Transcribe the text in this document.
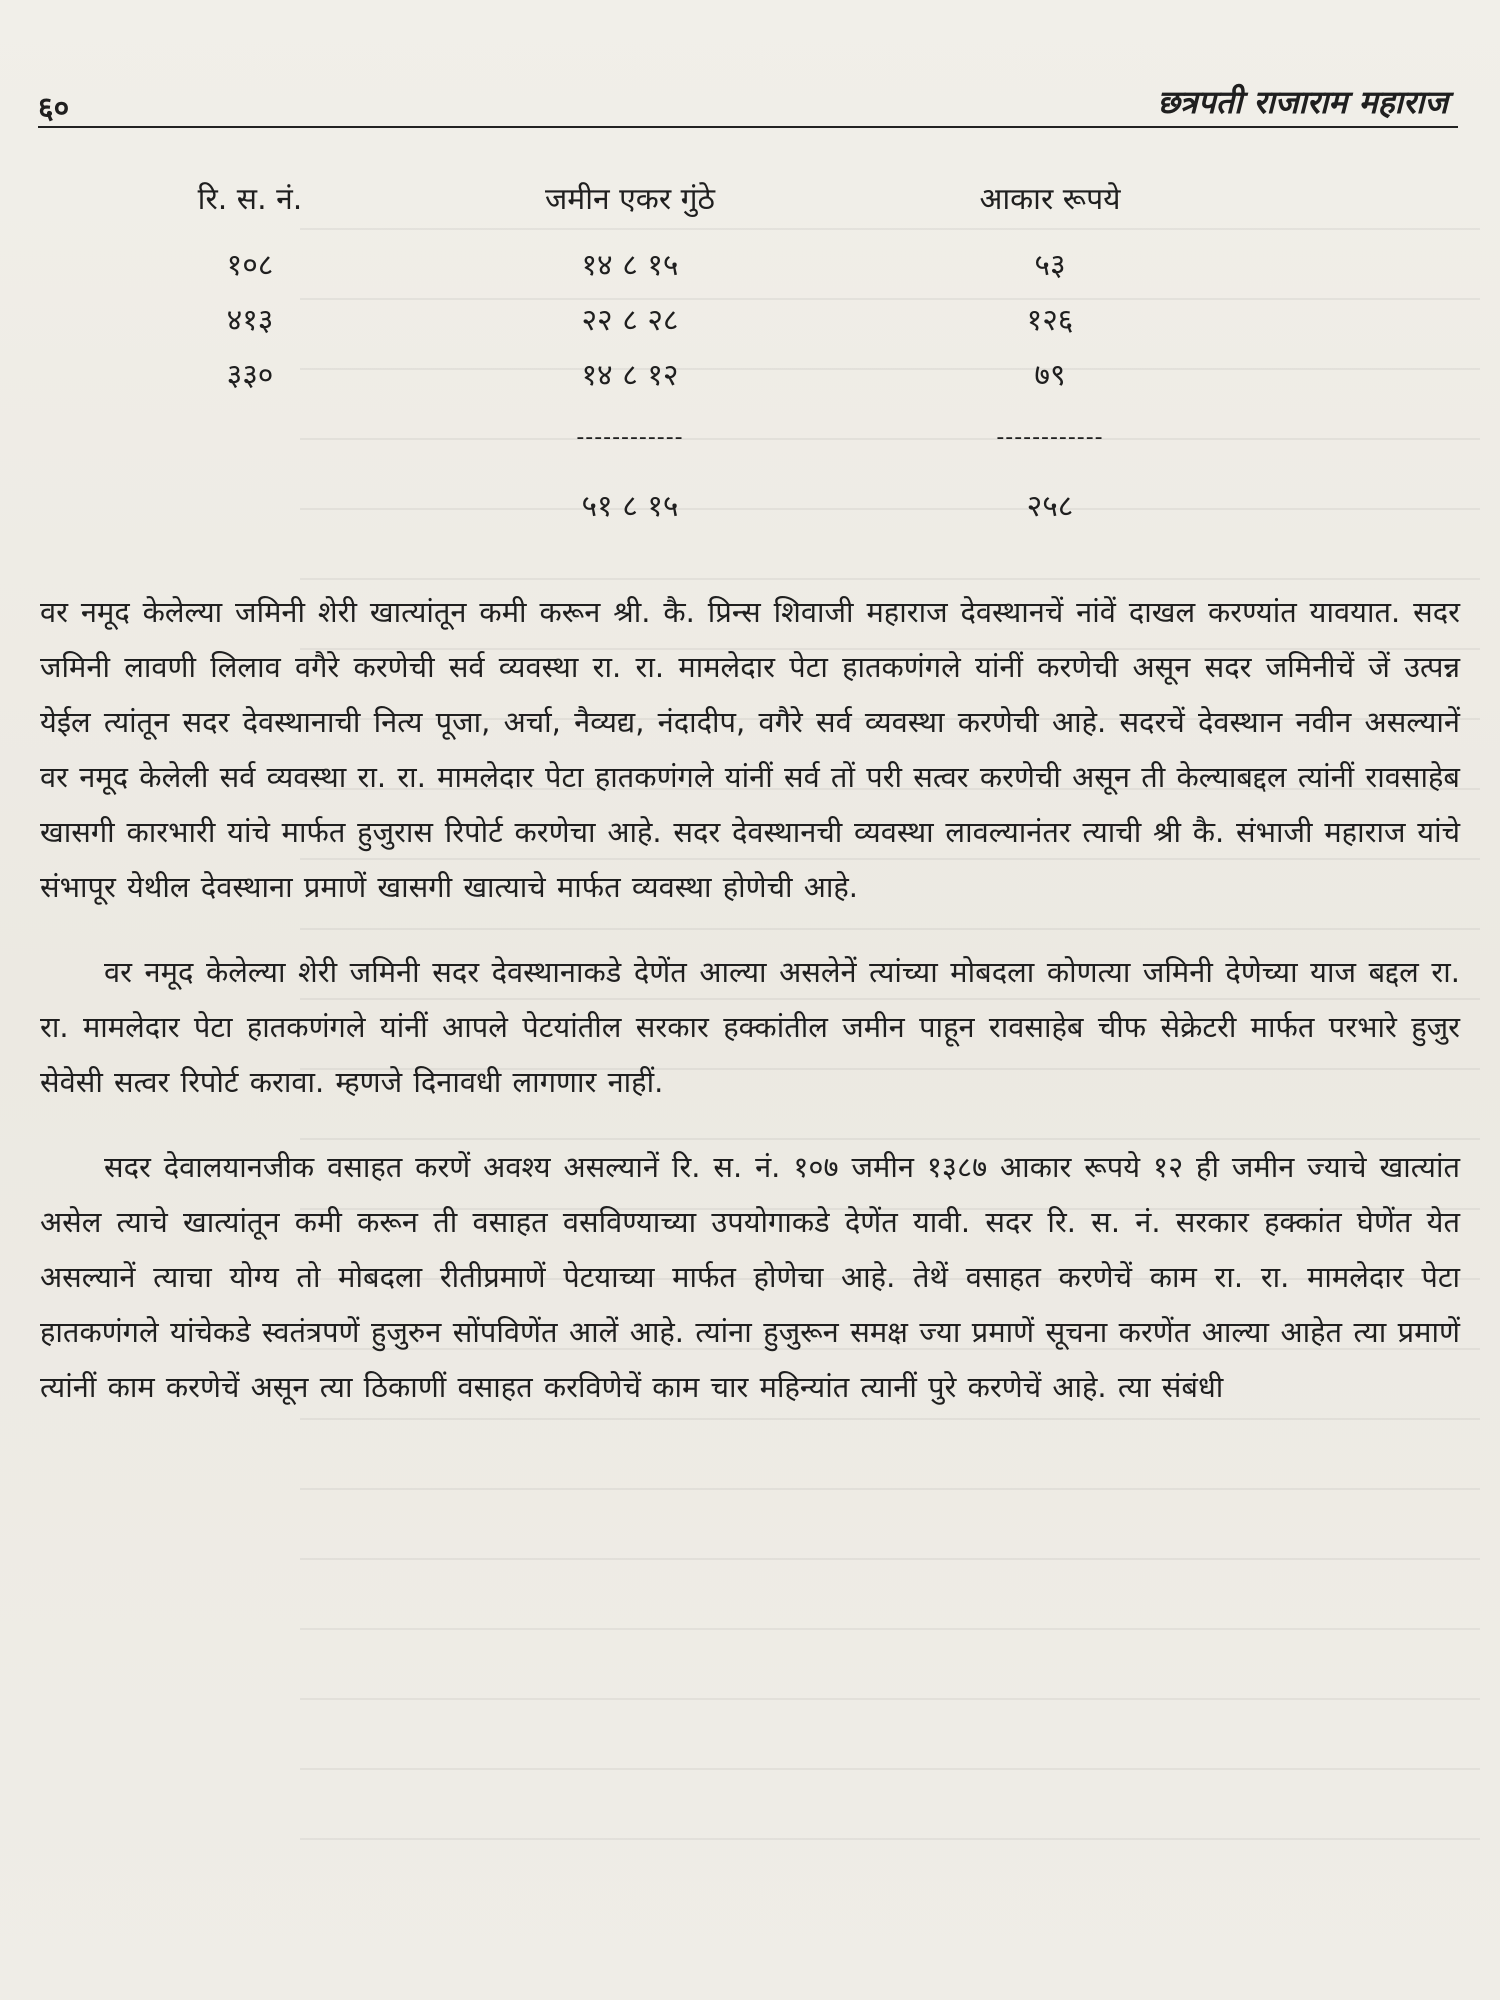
६०	छत्रपती राजाराम महाराज
रि. स. नं.
१०८
४१३
३३०
जमीन एकर गुंठे
१४ ८ १५
२२ ८ २८
१४ ८ १२
------------
५१ ८ १५
आकार रूपये
५३
१२६
७९
------------
२५८

वर नमूद केलेल्या जमिनी शेरी खात्यांतून कमी करून श्री. कै. प्रिन्स शिवाजी महाराज देवस्थानचें नांवें दाखल करण्यांत यावयात. सदर जमिनी लावणी लिलाव वगैरे करणेची सर्व व्यवस्था रा. रा. मामलेदार पेटा हातकणंगले यांनीं करणेची असून सदर जमिनीचें जें उत्पन्न येईल त्यांतून सदर देवस्थानाची नित्य पूजा, अर्चा, नैव्यद्य, नंदादीप, वगैरे सर्व व्यवस्था करणेची आहे. सदरचें देवस्थान नवीन असल्यानें वर नमूद केलेली सर्व व्यवस्था रा. रा. मामलेदार पेटा हातकणंगले यांनीं सर्व तों परी सत्वर करणेची असून ती केल्याबद्दल त्यांनीं रावसाहेब खासगी कारभारी यांचे मार्फत हुजुरास रिपोर्ट करणेचा आहे. सदर देवस्थानची व्यवस्था लावल्यानंतर त्याची श्री कै. संभाजी महाराज यांचे संभापूर येथील देवस्थाना प्रमाणें खासगी खात्याचे मार्फत व्यवस्था होणेची आहे.

वर नमूद केलेल्या शेरी जमिनी सदर देवस्थानाकडे देणेंत आल्या असलेनें त्यांच्या मोबदला कोणत्या जमिनी देणेच्या याज बद्दल रा. रा. मामलेदार पेटा हातकणंगले यांनीं आपले पेटयांतील सरकार हक्कांतील जमीन पाहून रावसाहेब चीफ सेक्रेटरी मार्फत परभारे हुजुर सेवेसी सत्वर रिपोर्ट करावा. म्हणजे दिनावधी लागणार नाहीं.

सदर देवालयानजीक वसाहत करणें अवश्य असल्यानें रि. स. नं. १०७ जमीन १३८७ आकार रूपये १२ ही जमीन ज्याचे खात्यांत असेल त्याचे खात्यांतून कमी करून ती वसाहत वसविण्याच्या उपयोगाकडे देणेंत यावी. सदर रि. स. नं. सरकार हक्कांत घेणेंत येत असल्यानें त्याचा योग्य तो मोबदला रीतीप्रमाणें पेटयाच्या मार्फत होणेचा आहे. तेथें वसाहत करणेचें काम रा. रा. मामलेदार पेटा हातकणंगले यांचेकडे स्वतंत्रपणें हुजुरुन सोंपविणेंत आलें आहे. त्यांना हुजुरून समक्ष ज्या प्रमाणें सूचना करणेंत आल्या आहेत त्या प्रमाणें त्यांनीं काम करणेचें असून त्या ठिकाणीं वसाहत करविणेचें काम चार महिन्यांत त्यानीं पुरे करणेचें आहे. त्या संबंधी
